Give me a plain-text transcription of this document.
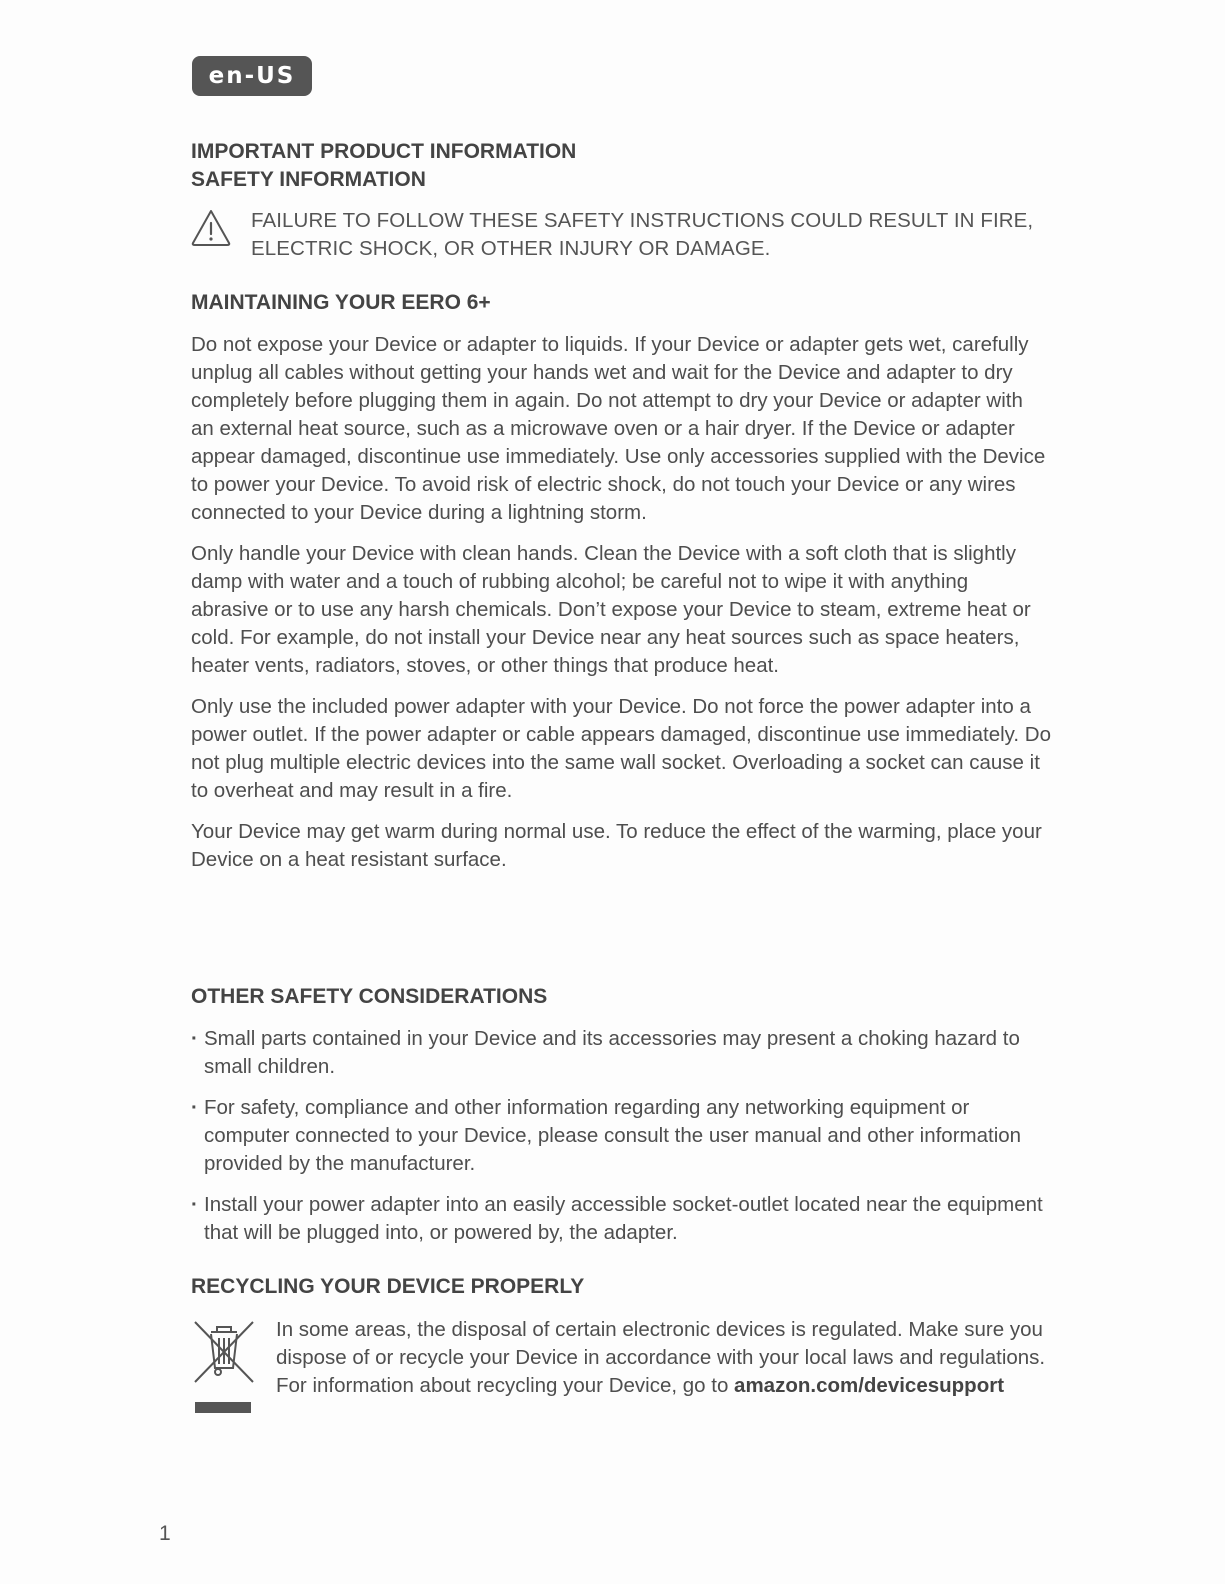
en-US
IMPORTANT PRODUCT INFORMATION
SAFETY INFORMATION
FAILURE TO FOLLOW THESE SAFETY INSTRUCTIONS COULD RESULT IN FIRE, ELECTRIC SHOCK, OR OTHER INJURY OR DAMAGE.
MAINTAINING YOUR EERO 6+

Do not expose your Device or adapter to liquids. If your Device or adapter gets wet, carefully unplug all cables without getting your hands wet and wait for the Device and adapter to dry completely before plugging them in again. Do not attempt to dry your Device or adapter with an external heat source, such as a microwave oven or a hair dryer. If the Device or adapter appear damaged, discontinue use immediately. Use only accessories supplied with the Device to power your Device. To avoid risk of electric shock, do not touch your Device or any wires connected to your Device during a lightning storm.

Only handle your Device with clean hands. Clean the Device with a soft cloth that is slightly damp with water and a touch of rubbing alcohol; be careful not to wipe it with anything abrasive or to use any harsh chemicals. Don’t expose your Device to steam, extreme heat or cold. For example, do not install your Device near any heat sources such as space heaters, heater vents, radiators, stoves, or other things that produce heat.

Only use the included power adapter with your Device. Do not force the power adapter into a power outlet. If the power adapter or cable appears damaged, discontinue use immediately. Do not plug multiple electric devices into the same wall socket. Overloading a socket can cause it to overheat and may result in a fire.

Your Device may get warm during normal use. To reduce the effect of the warming, place your Device on a heat resistant surface.

OTHER SAFETY CONSIDERATIONS
· Small parts contained in your Device and its accessories may present a choking hazard to small children.
· For safety, compliance and other information regarding any networking equipment or computer connected to your Device, please consult the user manual and other information provided by the manufacturer.
· Install your power adapter into an easily accessible socket-outlet located near the equipment that will be plugged into, or powered by, the adapter.
RECYCLING YOUR DEVICE PROPERLY
In some areas, the disposal of certain electronic devices is regulated. Make sure you dispose of or recycle your Device in accordance with your local laws and regulations. For information about recycling your Device, go to amazon.com/devicesupport
1
